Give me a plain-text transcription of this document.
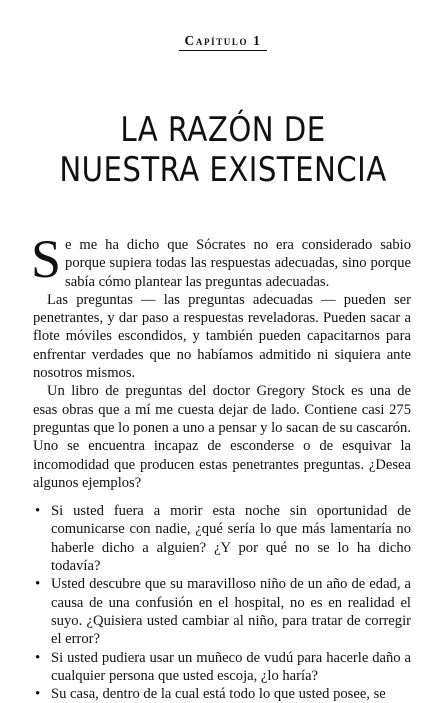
Capítulo 1
LA RAZÓN DE
NUESTRA EXISTENCIA

Se me ha dicho que Sócrates no era considerado sabio porque supiera todas las respuestas adecuadas, sino porque sabía cómo plantear las preguntas adecuadas.

Las preguntas — las preguntas adecuadas — pueden ser penetrantes, y dar paso a respuestas reveladoras. Pueden sacar a flote móviles escondidos, y también pueden capacitarnos para enfrentar verdades que no habíamos admitido ni siquiera ante nosotros mismos.

Un libro de preguntas del doctor Gregory Stock es una de esas obras que a mí me cuesta dejar de lado. Contiene casi 275 preguntas que lo ponen a uno a pensar y lo sacan de su cascarón. Uno se encuentra incapaz de esconderse o de esquivar la incomodidad que producen estas penetrantes preguntas. ¿Desea algunos ejemplos?

• Si usted fuera a morir esta noche sin oportunidad de comunicarse con nadie, ¿qué sería lo que más lamentaría no haberle dicho a alguien? ¿Y por qué no se lo ha dicho todavía?
• Usted descubre que su maravilloso niño de un año de edad, a causa de una confusión en el hospital, no es en realidad el suyo. ¿Quisiera usted cambiar al niño, para tratar de corregir el error?
• Si usted pudiera usar un muñeco de vudú para hacerle daño a cualquier persona que usted escoja, ¿lo haría?
• Su casa, dentro de la cual está todo lo que usted posee, se
